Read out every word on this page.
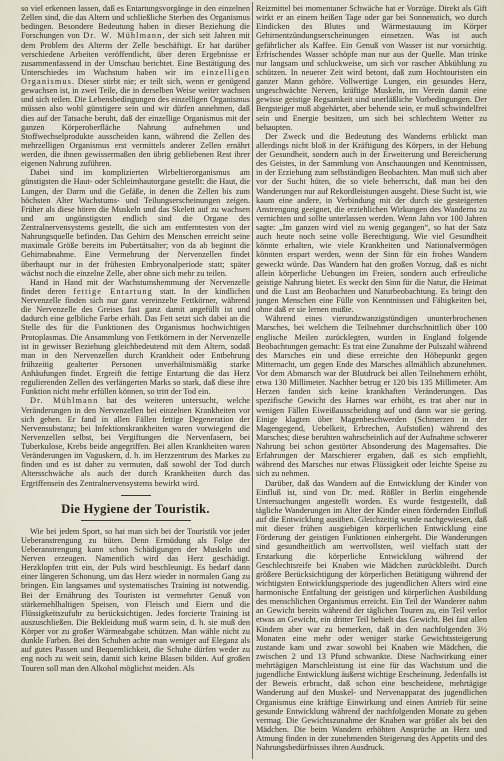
so viel erkennen lassen, daß es Entartungsvorgänge in den einzelnen Zellen sind, die das Altern und schließliche Sterben des Organismus bedingen. Besondere Bedeutung haben in dieser Beziehung die Forschungen von Dr. W. Mühlmann, der sich seit Jahren mit dem Problem des Alterns der Zelle beschäftigt. Er hat darüber verschiedene Arbeiten veröffentlicht, über deren Ergebnisse er zusammenfassend in der Umschau berichtet. Eine Bestätigung des Unterschiedes im Wachstum haben wir im einzelligen Organismus. Dieser stirbt nie; er teilt sich, wenn er genügend gewachsen ist, in zwei Teile, die in derselben Weise weiter wachsen und sich teilen. Die Lebensbedingungen des einzelligen Organismus müssen also wohl günstigere sein und wir dürfen annehmen, daß dies auf der Tatsache beruht, daß der einzellige Organismus mit der ganzen Körperoberfläche Nahrung aufnehmen und Stoffwechselprodukte ausscheiden kann, während die Zellen des mehrzelligen Organismus erst vermittels anderer Zellen ernährt werden, die ihnen gewissermaßen den übrig gebliebenen Rest ihrer eigenen Nahrung zuführen.

Dabei sind im komplizierten Wirbeltierorganismus am günstigsten die Haut- oder Schleimhautorgane gestellt: die Haut, die Lungen, der Darm und die Gefäße, in denen die Zellen bis zum höchsten Alter Wachstums- und Teilungserscheinungen zeigen. Früher als diese hören die Muskeln und das Skelett auf zu wachsen und am ungünstigsten endlich sind die Organe des Zentralnervensystems gestellt, die sich am entferntesten von der Nahrungsquelle befinden. Das Gehirn des Menschen erreicht seine maximale Größe bereits im Pubertätsalter; von da ab beginnt die Gehirnabnahme. Eine Vermehrung der Nervenzellen findet überhaupt nur in der frühesten Embryonalperiode statt; später wächst noch die einzelne Zelle, aber ohne sich mehr zu teilen.

Hand in Hand mit der Wachstumshemmung der Nervenzelle findet deren fettige Entartung statt. In der kindlichen Nervenzelle finden sich nur ganz vereinzelte Fettkörner, während die Nervenzelle des Greises fast ganz damit angefüllt ist und dadurch eine gelbliche Farbe erhält. Das Fett setzt sich dabei an die Stelle des für die Funktionen des Organismus hochwichtigen Protoplasmas. Die Ansammlung von Fettkörnern in der Nervenzelle ist in gewisser Beziehung gleichbedeutend mit dem Altern, sodaß man in den Nervenzellen durch Krankheit oder Entbehrung frühzeitig gealterter Personen unverhältnismäßig starke Anhäufungen findet. Ergreift die fettige Entartung die das Herz regulierenden Zellen des verlängerten Marks so stark, daß diese ihre Funktion nicht mehr erfüllen können, so tritt der Tod ein.

Dr. Mühlmann hat des weiteren untersucht, welche Veränderungen in den Nervenzellen bei einzelnen Krankheiten vor sich gehen. Er fand in allen Fällen fettige Degeneration der Nervensubstanz; bei Infektionskrankheiten waren vorwiegend die Nervenzellen selbst, bei Vergiftungen die Nervenfasern, bei Tuberkulose, Krebs beide angegriffen. Bei allen Krankheiten waren Veränderungen im Vaguskern, d. h. im Herzzentrum des Markes zu finden und es ist daher zu vermuten, daß sowohl der Tod durch Altersschwäche als auch der durch Krankheiten durch das Ergriffensein des Zentralnervensystems bewirkt wird.

Die Hygiene der Touristik.

Wie bei jedem Sport, so hat man sich bei der Touristik vor jeder Ueberanstrengung zu hüten. Denn Ermüdung als Folge der Ueberanstrengung kann schon Schädigungen der Muskeln und Nerven erzeugen. Namentlich wird das Herz geschädigt. Herzklopfen tritt ein, der Puls wird beschleunigt. Es bedarf dann einer längeren Schonung, um das Herz wieder in normalen Gang zu bringen. Ein langsames und systematisches Training ist notwendig. Bei der Ernährung des Touristen ist vermehrter Genuß von stärkemehlhaltigen Speisen, von Fleisch und Eiern und die Flüssigkeitszufuhr zu berücksichtigen. Jedes forcierte Training ist auszuschließen. Die Bekleidung muß warm sein, d. h. sie muß den Körper vor zu großer Wärmeabgabe schützen. Man wähle nicht zu dunkle Farben. Bei den Schuhen achte man weniger auf Eleganz als auf gutes Passen und Bequemlichkeit, die Schuhe dürfen weder zu eng noch zu weit sein, damit sich keine Blasen bilden. Auf großen Touren soll man den Alkohol möglichst meiden. Als

Reizmittel bei momentaner Schwäche hat er Vorzüge. Direkt als Gift wirkt er an einem heißen Tage oder gar bei Sonnenstich, wo durch Eindicken des Blutes und Wärmestauung im Körper Gehirnentzündungserscheinungen einsetzen. Was ist auch gefährlicher als Kaffee. Ein Genuß von Wasser ist nur vorsichtig. Erfrischendes Wasser schöpfe man nur aus der Quelle. Man trinke nur langsam und schluckweise, um sich vor rascher Abkühlung zu schützen. In neuerer Zeit wird betont, daß zum Hochtouristen ein ganzer Mann gehöre. Vollwertige Lungen, ein gesundes Herz, ungeschwächte Nerven, kräftige Muskeln, im Verein damit eine gewisse geistige Regsamkeit sind unerläßliche Vorbedingungen. Der Bergsteiger muß abgehärtet, aber behende sein, er muß schwindelfrei sein und Energie besitzen, um sich bei schlechtem Wetter zu behaupten.

Der Zweck und die Bedeutung des Wanderns erblickt man allerdings nicht bloß in der Kräftigung des Körpers, in der Hebung der Gesundheit, sondern auch in der Erweiterung und Bereicherung des Geistes, in der Sammlung von Anschauungen und Kenntnissen, in der Erziehung zum selbständigen Beobachten. Man muß sich aber vor der Sucht hüten, die so viele beherrscht, daß man bei den Wanderungen nur auf Rekordleistungen ausgeht. Diese Sucht ist, wie kaum eine andere, in Verbindung mit der durch sie gesteigerten Anstrengung geeignet, die erziehlichen Wirkungen des Wanderns zu vernichten und sollte unterlassen werden. Wenn Jahn vor 100 Jahren sagte: „Im ganzen wird viel zu wenig gegangen“, so hat der Satz auch heute noch seine volle Berechtigung. Wie viel Gesundheit könnte erhalten, wie viele Krankheiten und Nationalvermögen könnten erspart werden, wenn der Sinn für ein frohes Wandern geweckt würde. Das Wandern hat den großen Vorzug, daß es nicht allein körperliche Uebungen im Freien, sondern auch erfreuliche geistige Nahrung bietet. Es weckt den Sinn für die Natur, die Heimat und die Lust am Beobachten und Naturbeobachtung. Es bringt den jungen Menschen eine Fülle von Kenntnissen und Fähigkeiten bei, ohne daß er sie lernen mußte.

Während eines vierundzwanzigstündigen ununterbrochenen Marsches, bei welchem die Teilnehmer durchschnittlich über 100 englische Meilen zurücklegten, wurden in England folgende Beobachtungen gemacht: Es trat eine Zunahme der Pulszahl während des Marsches ein und diese erreichte den Höhepunkt gegen Mitternacht, um gegen Ende des Marsches allmählich abzunehmen. Vor dem Abmarsch war der Blutdruck bei allen Teilnehmern erhöht, etwa 130 Millimeter. Nachher betrug er 120 bis 135 Millimeter. Am Herzen fanden sich keine krankhaften Veränderungen. Das spezifische Gewicht des Harnes war erhöht, es trat aber nur in wenigen Fällen Eiweißausscheidung auf und dann war sie gering. Einige klagten über Magenbeschwerden (Schmerzen in der Magengegend, Uebelkeit, Erbrechen, Aufstoßen) während des Marsches; diese beruhten wahrscheinlich auf der Aufnahme schwerer Nahrung bei schon gestörter Absonderung des Magensaftes. Die Erfahrungen der Marschierer ergaben, daß es sich empfiehlt, während des Marsches nur etwas Flüssigkeit oder leichte Speise zu sich zu nehmen.

Darüber, daß das Wandern auf die Entwicklung der Kinder von Einfluß ist, sind von Dr. med. Rößler in Berlin eingehende Untersuchungen angestellt worden. Es wurde festgestellt, daß tägliche Wanderungen im Alter der Kinder einen fördernden Einfluß auf die Entwicklung ausüben. Gleichzeitig wurde nachgewiesen, daß mit dieser frühen ausgiebigen körperlichen Entwicklung eine Förderung der geistigen Funktionen einhergeht. Die Wanderungen sind gesundheitlich am wertvollsten, weil vielfach statt der Erstarkung die körperliche Entwicklung während der Geschlechtsreife bei Knaben wie Mädchen zurückbleibt. Durch größere Berücksichtigung der körperlichen Betätigung während der wichtigsten Entwicklungsperiode des jugendlichen Alters wird eine harmonische Entfaltung der geistigen und körperlichen Ausbildung des menschlichen Organismus erreicht. Ein Teil der Wanderer nahm an Gewicht bereits während der täglichen Touren zu, ein Teil verlor etwas an Gewicht, ein dritter Teil behielt das Gewicht. Bei fast allen Kindern aber war zu bemerken, daß in den nachfolgenden 3½ Monaten eine mehr oder weniger starke Gewichtssteigerung zustande kam und zwar sowohl bei Knaben wie Mädchen, die zwischen 2 und 13 Pfund schwankte. Diese Nachwirkung einer mehrtägigen Marschleistung ist eine für das Wachstum und die jugendliche Entwicklung äußerst wichtige Erscheinung. Jedenfalls ist der Beweis erbracht, daß schon eine bescheidene, mehrtägige Wanderung auf den Muskel- und Nervenapparat des jugendlichen Organismus eine kräftige Einwirkung und einen Antrieb für seine gesunde Entwicklung während der nachfolgenden Monate zu geben vermag. Die Gewichtszunahme der Knaben war größer als bei den Mädchen. Die beim Wandern erhöhten Ansprüche an Herz und Atmung finden in der zunehmenden Steigerung des Appetits und des Nahrungsbedürfnisses ihren Ausdruck.
